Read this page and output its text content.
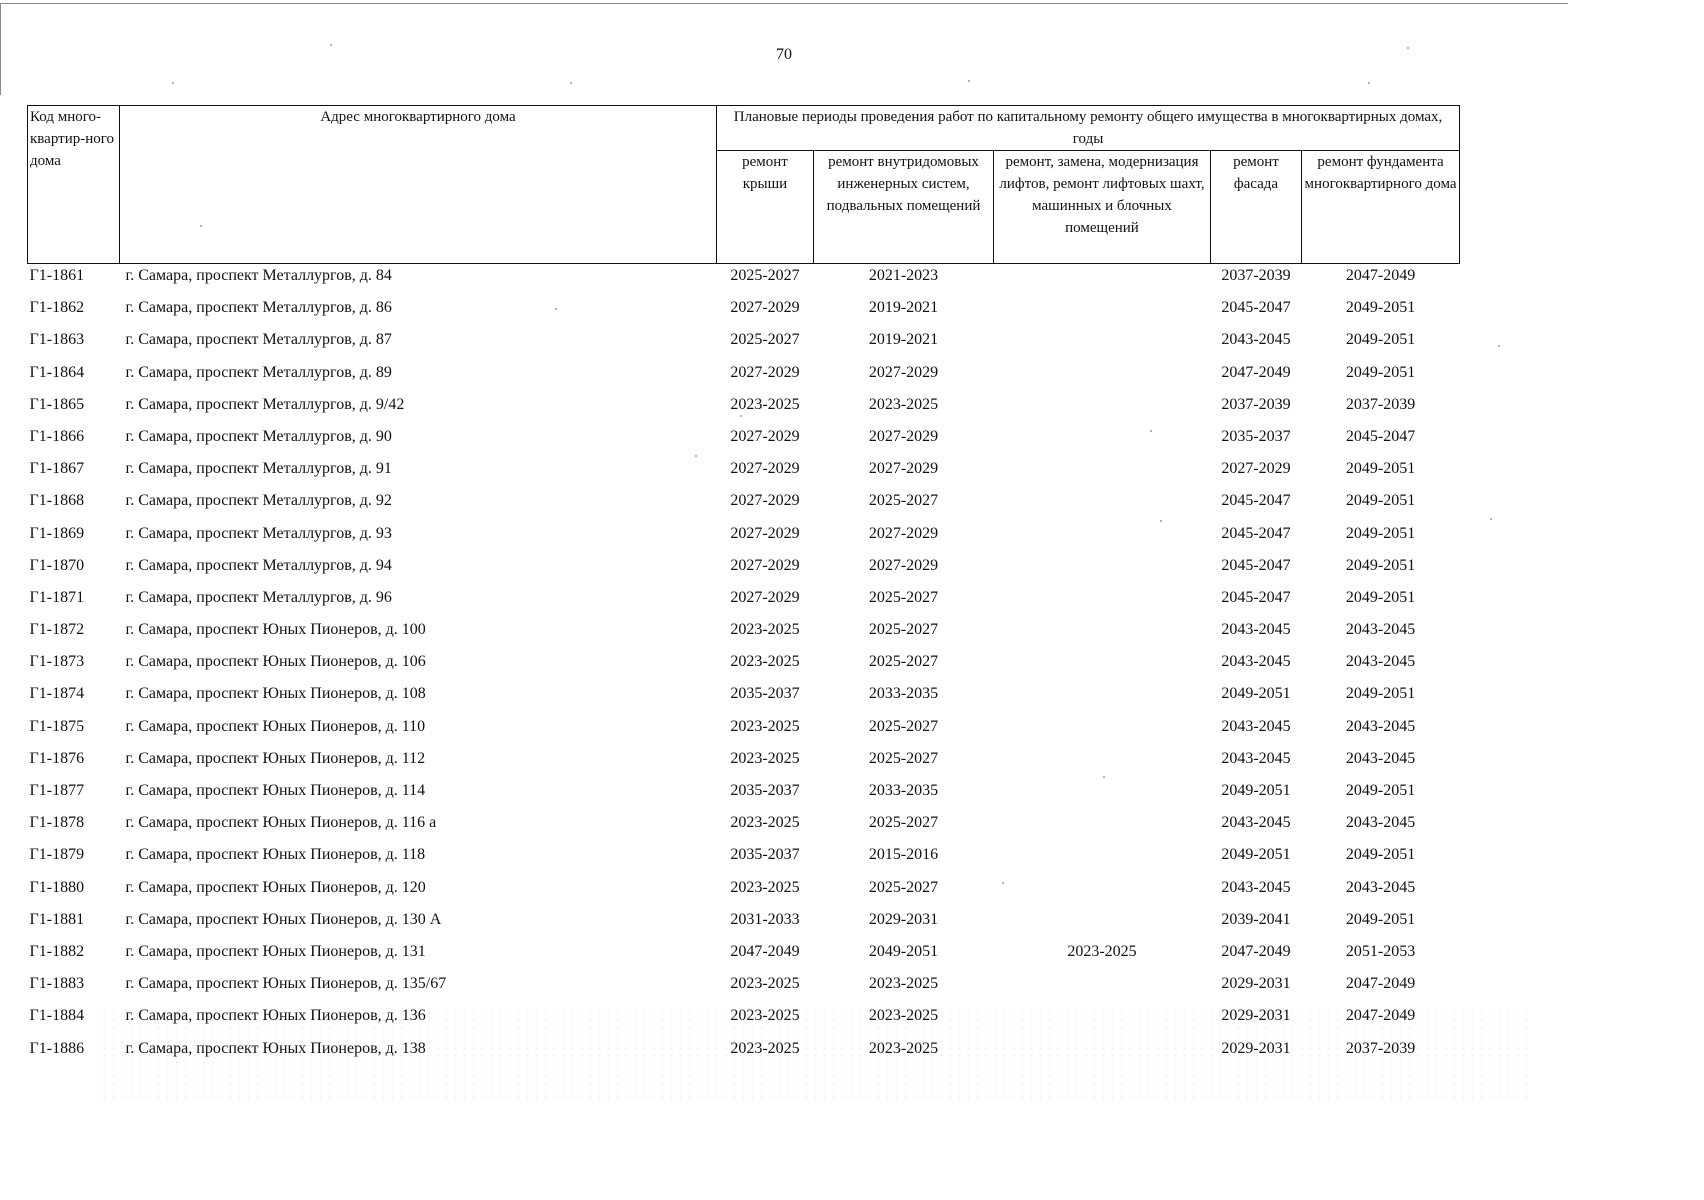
70
Код много-квартир-ного дома	Адрес многоквартирного дома	Плановые периоды проведения работ по капитальному ремонту общего имущества в многоквартирных домах, годы				
		ремонт крыши	ремонт внутридомовых инженерных систем, подвальных помещений	ремонт, замена, модернизация лифтов, ремонт лифтовых шахт, машинных и блочных помещений	ремонт фасада	ремонт фундамента многоквартирного дома
Г1-1861	г. Самара, проспект Металлургов, д. 84	2025-2027	2021-2023		2037-2039	2047-2049
Г1-1862	г. Самара, проспект Металлургов, д. 86	2027-2029	2019-2021		2045-2047	2049-2051
Г1-1863	г. Самара, проспект Металлургов, д. 87	2025-2027	2019-2021		2043-2045	2049-2051
Г1-1864	г. Самара, проспект Металлургов, д. 89	2027-2029	2027-2029		2047-2049	2049-2051
Г1-1865	г. Самара, проспект Металлургов, д. 9/42	2023-2025	2023-2025		2037-2039	2037-2039
Г1-1866	г. Самара, проспект Металлургов, д. 90	2027-2029	2027-2029		2035-2037	2045-2047
Г1-1867	г. Самара, проспект Металлургов, д. 91	2027-2029	2027-2029		2027-2029	2049-2051
Г1-1868	г. Самара, проспект Металлургов, д. 92	2027-2029	2025-2027		2045-2047	2049-2051
Г1-1869	г. Самара, проспект Металлургов, д. 93	2027-2029	2027-2029		2045-2047	2049-2051
Г1-1870	г. Самара, проспект Металлургов, д. 94	2027-2029	2027-2029		2045-2047	2049-2051
Г1-1871	г. Самара, проспект Металлургов, д. 96	2027-2029	2025-2027		2045-2047	2049-2051
Г1-1872	г. Самара, проспект Юных Пионеров, д. 100	2023-2025	2025-2027		2043-2045	2043-2045
Г1-1873	г. Самара, проспект Юных Пионеров, д. 106	2023-2025	2025-2027		2043-2045	2043-2045
Г1-1874	г. Самара, проспект Юных Пионеров, д. 108	2035-2037	2033-2035		2049-2051	2049-2051
Г1-1875	г. Самара, проспект Юных Пионеров, д. 110	2023-2025	2025-2027		2043-2045	2043-2045
Г1-1876	г. Самара, проспект Юных Пионеров, д. 112	2023-2025	2025-2027		2043-2045	2043-2045
Г1-1877	г. Самара, проспект Юных Пионеров, д. 114	2035-2037	2033-2035		2049-2051	2049-2051
Г1-1878	г. Самара, проспект Юных Пионеров, д. 116 а	2023-2025	2025-2027		2043-2045	2043-2045
Г1-1879	г. Самара, проспект Юных Пионеров, д. 118	2035-2037	2015-2016		2049-2051	2049-2051
Г1-1880	г. Самара, проспект Юных Пионеров, д. 120	2023-2025	2025-2027		2043-2045	2043-2045
Г1-1881	г. Самара, проспект Юных Пионеров, д. 130 А	2031-2033	2029-2031		2039-2041	2049-2051
Г1-1882	г. Самара, проспект Юных Пионеров, д. 131	2047-2049	2049-2051	2023-2025	2047-2049	2051-2053
Г1-1883	г. Самара, проспект Юных Пионеров, д. 135/67	2023-2025	2023-2025		2029-2031	2047-2049
Г1-1884	г. Самара, проспект Юных Пионеров, д. 136	2023-2025	2023-2025		2029-2031	2047-2049
Г1-1886	г. Самара, проспект Юных Пионеров, д. 138	2023-2025	2023-2025		2029-2031	2037-2039
